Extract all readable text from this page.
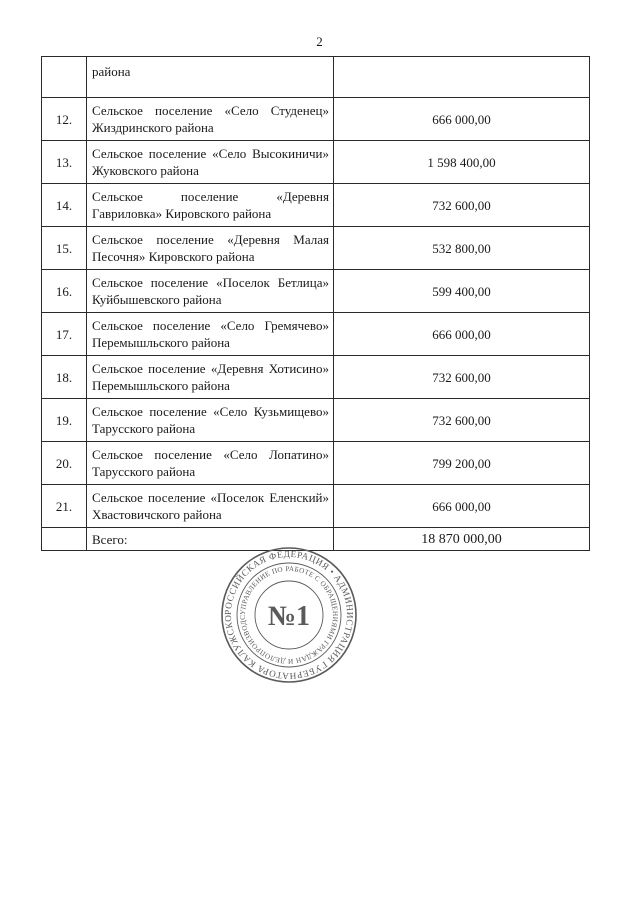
2
	района	
12.	Сельское поселение «Село Студенец» Жиздринского района	666 000,00
13.	Сельское поселение «Село Высокиничи» Жуковского района	1 598 400,00
14.	Сельское поселение «Деревня Гавриловка» Кировского района	732 600,00
15.	Сельское поселение «Деревня Малая Песочня» Кировского района	532 800,00
16.	Сельское поселение «Поселок Бетлица» Куйбышевского района	599 400,00
17.	Сельское поселение «Село Гремячево» Перемышльского района	666 000,00
18.	Сельское поселение «Деревня Хотисино» Перемышльского района	732 600,00
19.	Сельское поселение «Село Кузьмищево» Тарусского района	732 600,00
20.	Сельское поселение «Село Лопатино» Тарусского района	799 200,00
21.	Сельское поселение «Поселок Еленский» Хвастовичского района	666 000,00
	Всего:	18 870 000,00
РОССИЙСКАЯ ФЕДЕРАЦИЯ • АДМИНИСТРАЦИЯ ГУБЕРНАТОРА КАЛУЖСКО
УПРАВЛЕНИЕ ПО РАБОТЕ С ОБРАЩЕНИЯМИ ГРАЖДАН И ДЕЛОПРОИЗВОДС №1
